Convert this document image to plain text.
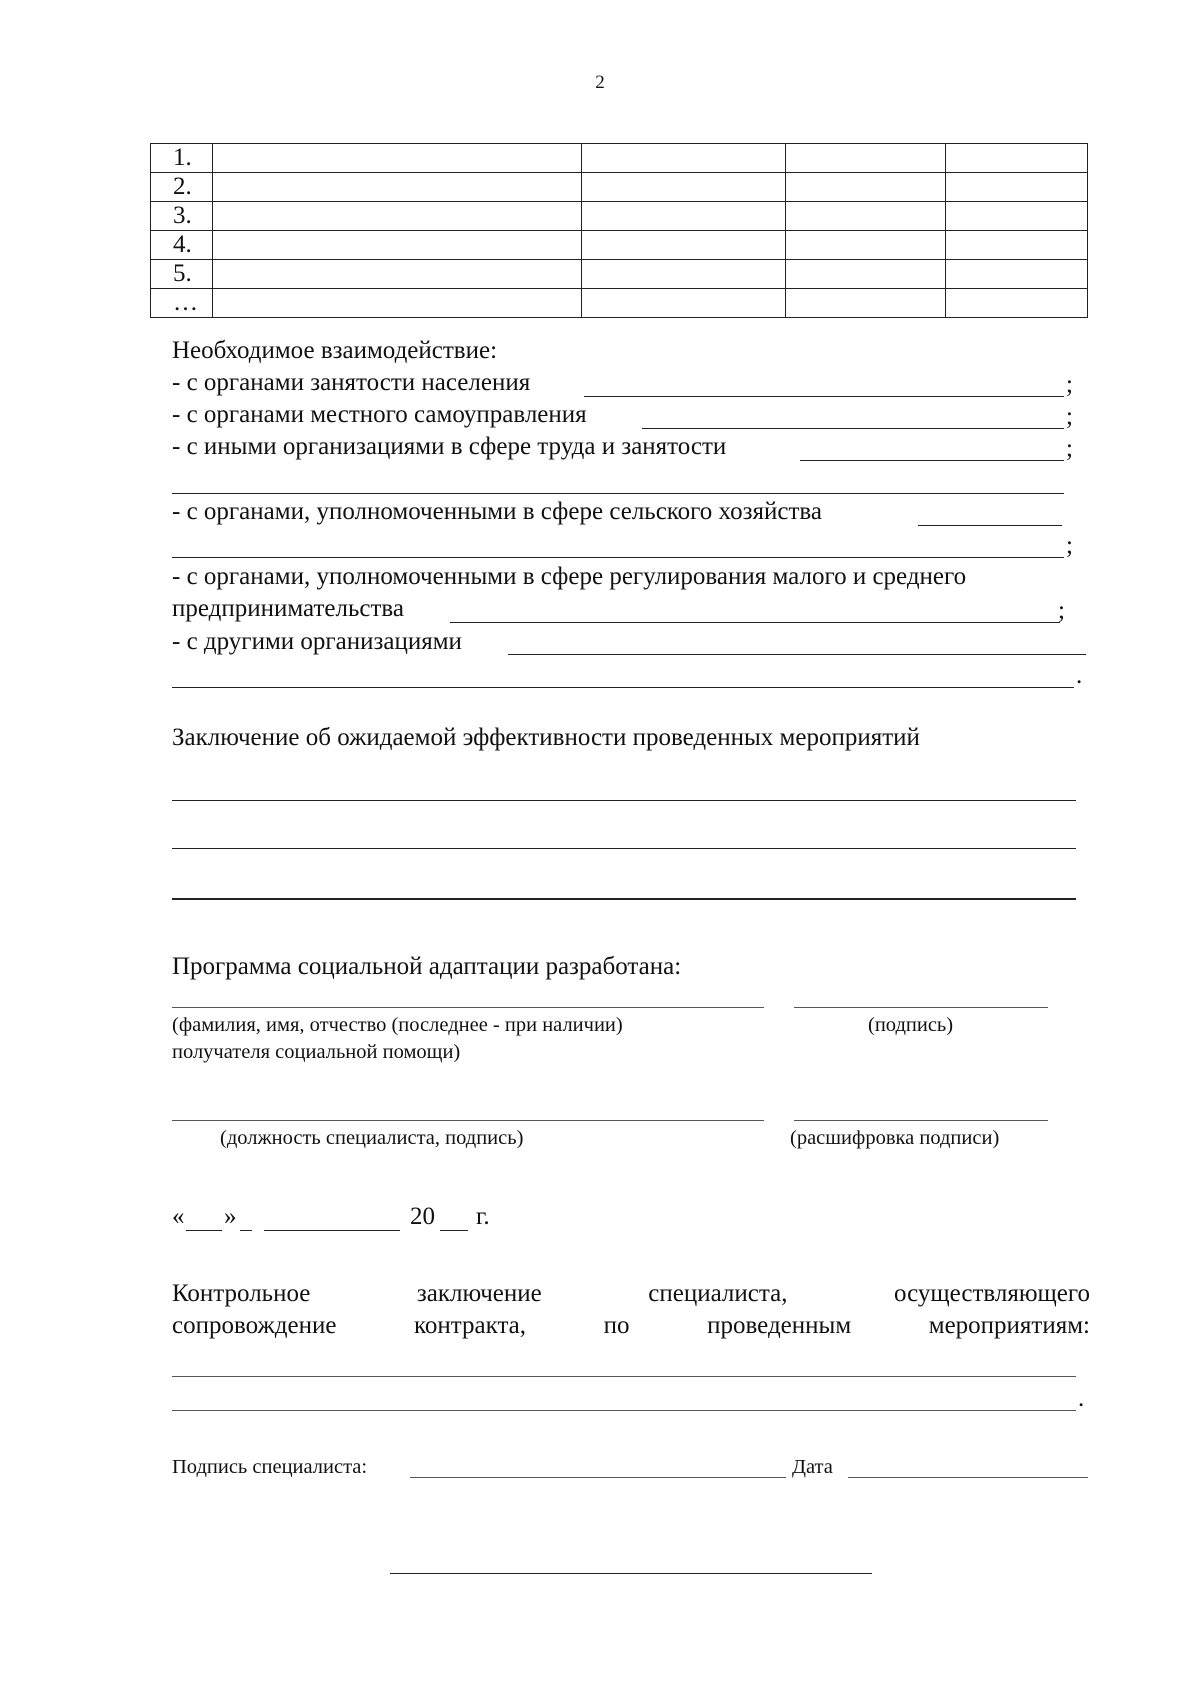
2
1.				
2.				
3.				
4.				
5.				
…				
Необходимое взаимодействие:
- с органами занятости населения	;
- с органами местного самоуправления	;
- с иными организациями в сфере труда и занятости	;
- с органами, уполномоченными в сфере сельского хозяйства
;
- с органами, уполномоченными в сфере регулирования малого и среднего
предпринимательства	;
- с другими организациями
.
Заключение об ожидаемой эффективности проведенных мероприятий
Программа социальной адаптации разработана:
(фамилия, имя, отчество (последнее - при наличии)
получателя социальной помощи)
(подпись)
(должность специалиста, подпись)	(расшифровка подписи)
« »	20 г.
Контрольное	заключение	специалиста,	осуществляющего
сопровождение	контракта,	по	проведенным	мероприятиям:
.
Подпись специалиста:	Дата
